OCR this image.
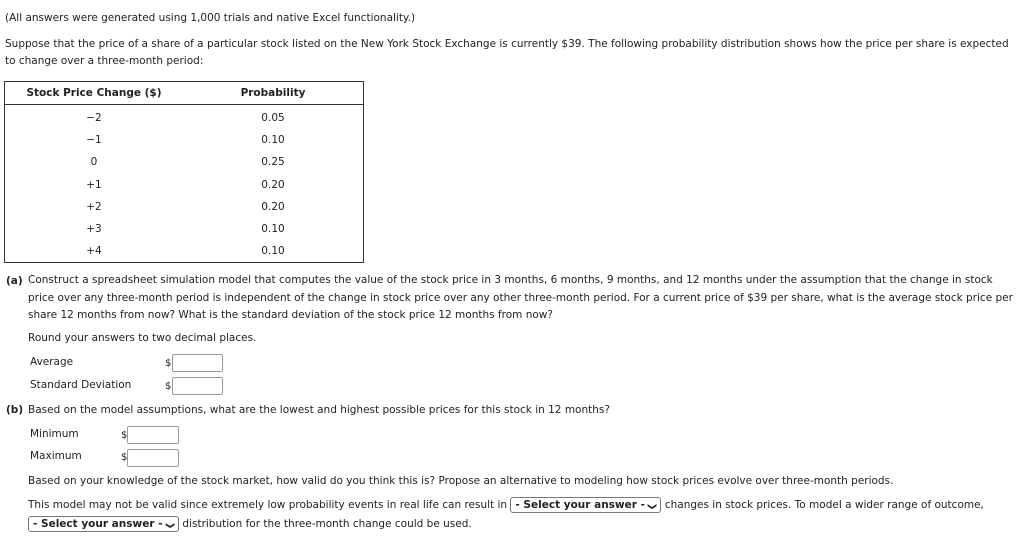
(All answers were generated using 1,000 trials and native Excel functionality.)
Suppose that the price of a share of a particular stock listed on the New York Stock Exchange is currently $39. The following probability distribution shows how the price per share is expected to change over a three-month period:
Stock Price Change ($)	Probability
−2	0.05
−1	0.10
0	0.25
+1	0.20
+2	0.20
+3	0.10
+4	0.10
(a) Construct a spreadsheet simulation model that computes the value of the stock price in 3 months, 6 months, 9 months, and 12 months under the assumption that the change in stock price over any three-month period is independent of the change in stock price over any other three-month period. For a current price of $39 per share, what is the average stock price per share 12 months from now? What is the standard deviation of the stock price 12 months from now?
Round your answers to two decimal places.
Average	$
Standard Deviation	$
(b) Based on the model assumptions, what are the lowest and highest possible prices for this stock in 12 months?
Minimum	$
Maximum	$
Based on your knowledge of the stock market, how valid do you think this is? Propose an alternative to modeling how stock prices evolve over three-month periods.
This model may not be valid since extremely low probability events in real life can result in - Select your answer - ❮ changes in stock prices. To model a wider range of outcome,
- Select your answer - ❮ distribution for the three-month change could be used.
